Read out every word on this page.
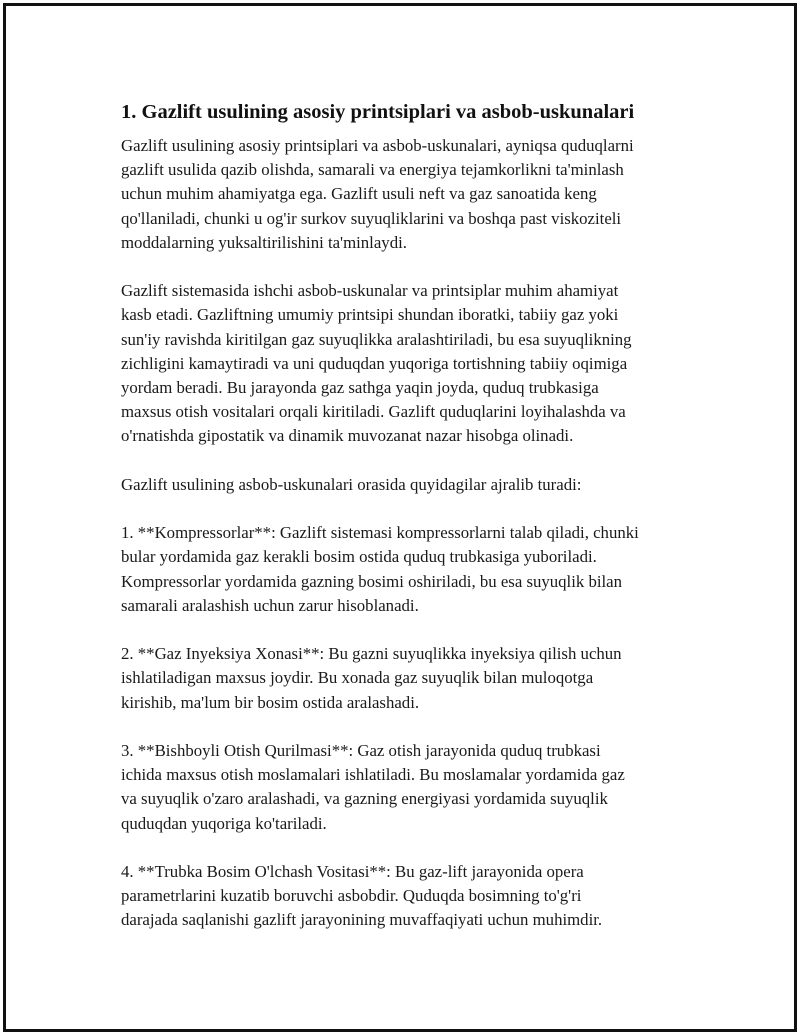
1. Gazlift usulining asosiy printsiplari va asbob-uskunalari

Gazlift usulining asosiy printsiplari va asbob-uskunalari, ayniqsa quduqlarni
gazlift usulida qazib olishda, samarali va energiya tejamkorlikni ta'minlash
uchun muhim ahamiyatga ega. Gazlift usuli neft va gaz sanoatida keng
qo'llaniladi, chunki u og'ir surkov suyuqliklarini va boshqa past viskoziteli
moddalarning yuksaltirilishini ta'minlaydi.

Gazlift sistemasida ishchi asbob-uskunalar va printsiplar muhim ahamiyat
kasb etadi. Gazliftning umumiy printsipi shundan iboratki, tabiiy gaz yoki
sun'iy ravishda kiritilgan gaz suyuqlikka aralashtiriladi, bu esa suyuqlikning
zichligini kamaytiradi va uni quduqdan yuqoriga tortishning tabiiy oqimiga
yordam beradi. Bu jarayonda gaz sathga yaqin joyda, quduq trubkasiga
maxsus otish vositalari orqali kiritiladi. Gazlift quduqlarini loyihalashda va
o'rnatishda gipostatik va dinamik muvozanat nazar hisobga olinadi.

Gazlift usulining asbob-uskunalari orasida quyidagilar ajralib turadi:

1. **Kompressorlar**: Gazlift sistemasi kompressorlarni talab qiladi, chunki
bular yordamida gaz kerakli bosim ostida quduq trubkasiga yuboriladi.
Kompressorlar yordamida gazning bosimi oshiriladi, bu esa suyuqlik bilan
samarali aralashish uchun zarur hisoblanadi.

2. **Gaz Inyeksiya Xonasi**: Bu gazni suyuqlikka inyeksiya qilish uchun
ishlatiladigan maxsus joydir. Bu xonada gaz suyuqlik bilan muloqotga
kirishib, ma'lum bir bosim ostida aralashadi.

3. **Bishboyli Otish Qurilmasi**: Gaz otish jarayonida quduq trubkasi
ichida maxsus otish moslamalari ishlatiladi. Bu moslamalar yordamida gaz
va suyuqlik o'zaro aralashadi, va gazning energiyasi yordamida suyuqlik
quduqdan yuqoriga ko'tariladi.

4. **Trubka Bosim O'lchash Vositasi**: Bu gaz-lift jarayonida opera
parametrlarini kuzatib boruvchi asbobdir. Quduqda bosimning to'g'ri
darajada saqlanishi gazlift jarayonining muvaffaqiyati uchun muhimdir.
